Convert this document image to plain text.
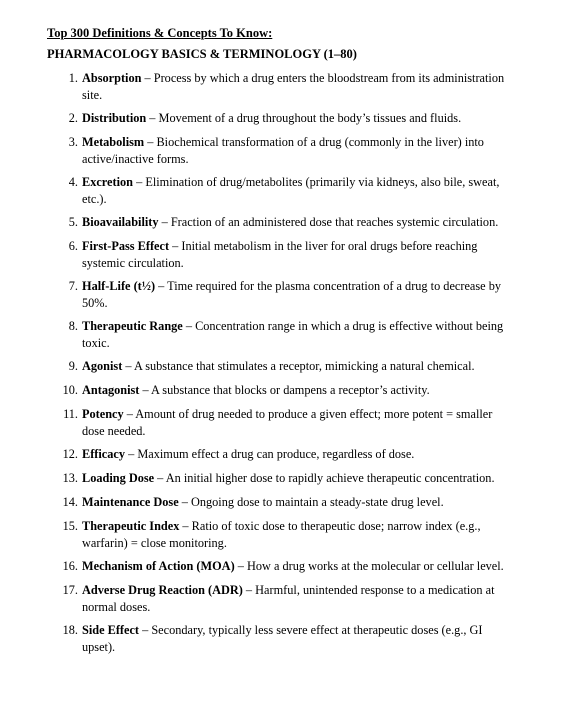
Top 300 Definitions & Concepts To Know:
PHARMACOLOGY BASICS & TERMINOLOGY (1–80)
1. Absorption – Process by which a drug enters the bloodstream from its administration site.
2. Distribution – Movement of a drug throughout the body’s tissues and fluids.
3. Metabolism – Biochemical transformation of a drug (commonly in the liver) into active/inactive forms.
4. Excretion – Elimination of drug/metabolites (primarily via kidneys, also bile, sweat, etc.).
5. Bioavailability – Fraction of an administered dose that reaches systemic circulation.
6. First-Pass Effect – Initial metabolism in the liver for oral drugs before reaching systemic circulation.
7. Half-Life (t½) – Time required for the plasma concentration of a drug to decrease by 50%.
8. Therapeutic Range – Concentration range in which a drug is effective without being toxic.
9. Agonist – A substance that stimulates a receptor, mimicking a natural chemical.
10. Antagonist – A substance that blocks or dampens a receptor’s activity.
11. Potency – Amount of drug needed to produce a given effect; more potent = smaller dose needed.
12. Efficacy – Maximum effect a drug can produce, regardless of dose.
13. Loading Dose – An initial higher dose to rapidly achieve therapeutic concentration.
14. Maintenance Dose – Ongoing dose to maintain a steady-state drug level.
15. Therapeutic Index – Ratio of toxic dose to therapeutic dose; narrow index (e.g., warfarin) = close monitoring.
16. Mechanism of Action (MOA) – How a drug works at the molecular or cellular level.
17. Adverse Drug Reaction (ADR) – Harmful, unintended response to a medication at normal doses.
18. Side Effect – Secondary, typically less severe effect at therapeutic doses (e.g., GI upset).
